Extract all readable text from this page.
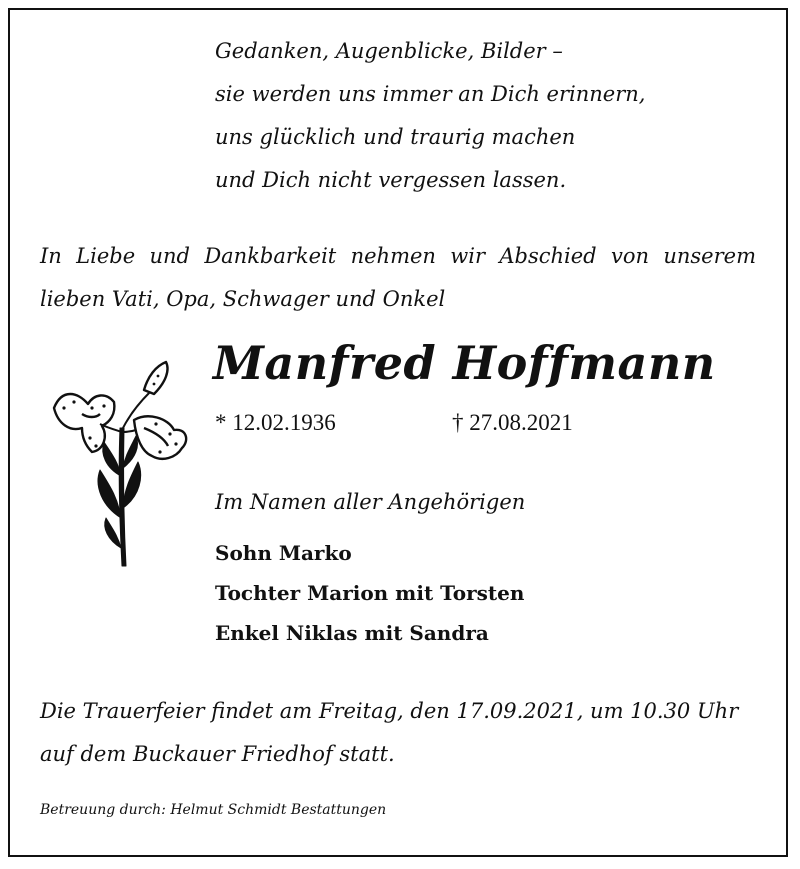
Gedanken, Augenblicke, Bilder –
sie werden uns immer an Dich erinnern,
uns glücklich und traurig machen
und Dich nicht vergessen lassen.
In Liebe und Dankbarkeit nehmen wir Abschied von unserem
lieben Vati, Opa, Schwager und Onkel
Manfred Hoffmann
* 12.02.1936	† 27.08.2021
Im Namen aller Angehörigen
Sohn Marko
Tochter Marion mit Torsten
Enkel Niklas mit Sandra
Die Trauerfeier findet am Freitag, den 17.09.2021, um 10.30 Uhr
auf dem Buckauer Friedhof statt.
Betreuung durch: Helmut Schmidt Bestattungen
